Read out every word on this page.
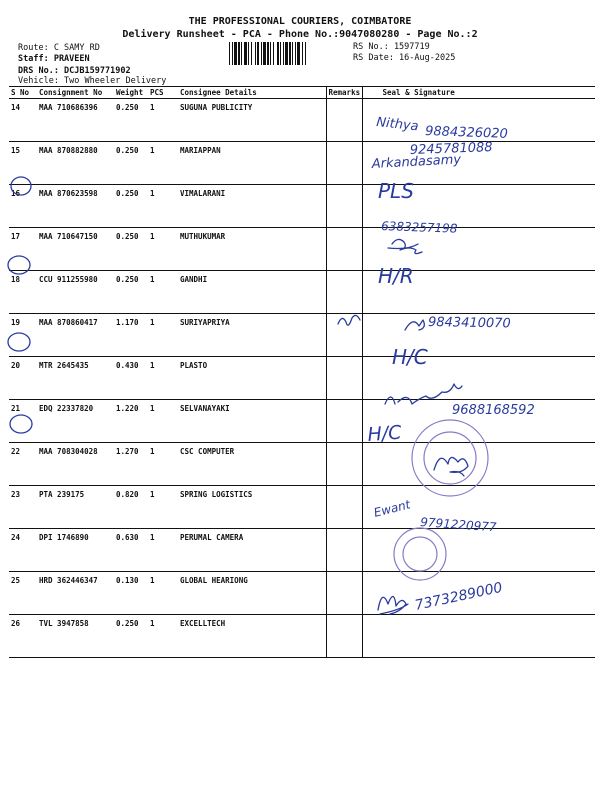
THE PROFESSIONAL COURIERS, COIMBATORE
Delivery Runsheet - PCA - Phone No.:9047080280 - Page No.:2
Route: C SAMY RD
Staff: PRAVEEN
DRS No.: DCJB159771902
Vehicle: Two Wheeler Delivery
RS No.: 1597719
RS Date: 16-Aug-2025
S No	Consignment No	Weight	PCS	Consignee Details	Remarks	Seal & Signature
14	MAA 710686396	0.250	1	SUGUNA PUBLICITY		
15	MAA 870882880	0.250	1	MARIAPPAN		
16	MAA 870623598	0.250	1	VIMALARANI		
17	MAA 710647150	0.250	1	MUTHUKUMAR		
18	CCU 911255980	0.250	1	GANDHI		
19	MAA 870860417	1.170	1	SURIYAPRIYA		
20	MTR 2645435	0.430	1	PLASTO		
21	EDQ 22337820	1.220	1	SELVANAYAKI		
22	MAA 708304028	1.270	1	CSC COMPUTER		
23	PTA 239175	0.820	1	SPRING LOGISTICS		
24	DPI 1746890	0.630	1	PERUMAL CAMERA		
25	HRD 362446347	0.130	1	GLOBAL HEARIONG		
26	TVL 3947858	0.250	1	EXCELLTECH		
Nithya 9884326020
9245781088
Arkandasamy
PLS
6383257198
H/R
9843410070
H/C
9688168592
H/C
Ewant
9791220977
7373289000
